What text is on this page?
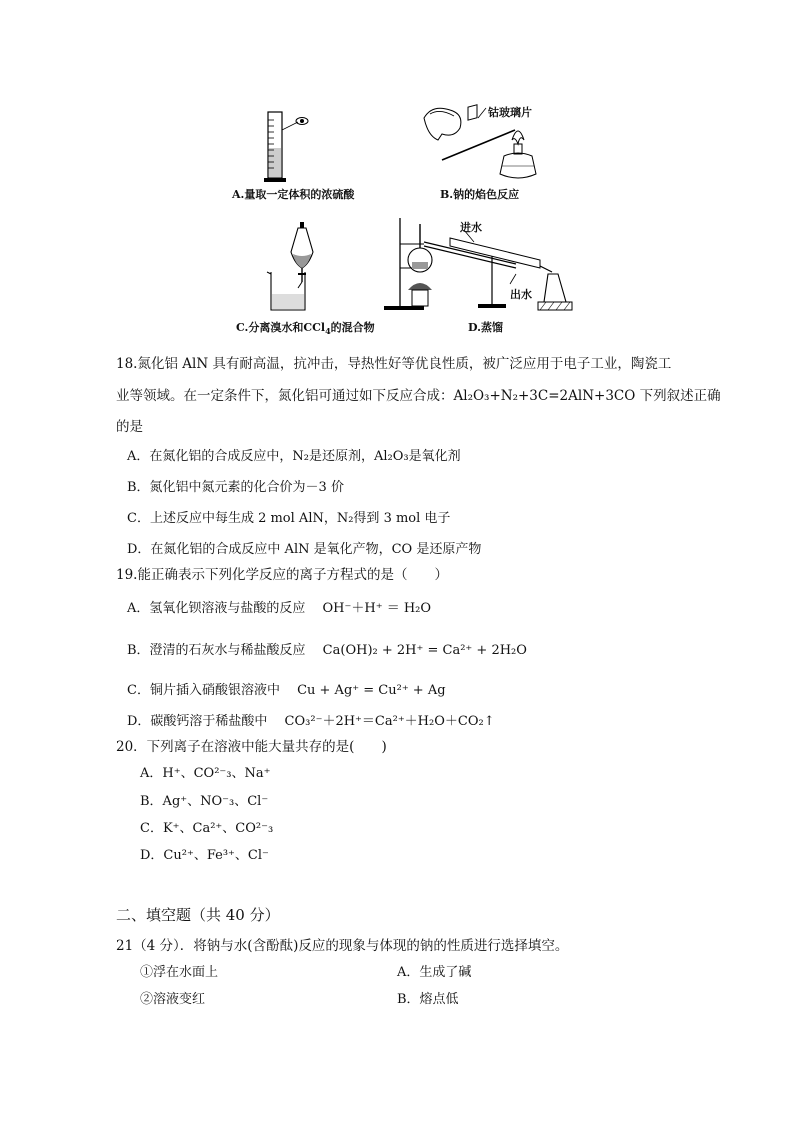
A.量取一定体积的浓硫酸
钴玻璃片
B.钠的焰色反应
C.分离溴水和CCl$_4$的混合物
进水
出水
D.蒸馏
18.氮化铝 AlN 具有耐高温，抗冲击，导热性好等优良性质，被广泛应用于电子工业，陶瓷工
业等领域。在一定条件下，氮化铝可通过如下反应合成：Al₂O₃+N₂+3C=2AlN+3CO 下列叙述正确
的是
A．在氮化铝的合成反应中，N₂是还原剂，Al₂O₃是氧化剂
B．氮化铝中氮元素的化合价为－3 价
C．上述反应中每生成 2 mol AlN，N₂得到 3 mol 电子
D．在氮化铝的合成反应中 AlN 是氧化产物，CO 是还原产物
19.能正确表示下列化学反应的离子方程式的是（　　）
A．氢氧化钡溶液与盐酸的反应　 OH⁻＋H⁺ ＝ H₂O
B．澄清的石灰水与稀盐酸反应　 Ca(OH)₂ + 2H⁺ = Ca²⁺ + 2H₂O
C．铜片插入硝酸银溶液中　 Cu + Ag⁺ = Cu²⁺ + Ag
D．碳酸钙溶于稀盐酸中　 CO₃²⁻＋2H⁺＝Ca²⁺＋H₂O＋CO₂↑
20．下列离子在溶液中能大量共存的是(　　)
A．H⁺、CO²⁻₃、Na⁺
B．Ag⁺、NO⁻₃、Cl⁻
C．K⁺、Ca²⁺、CO²⁻₃
D．Cu²⁺、Fe³⁺、Cl⁻
二、填空题（共 40 分）
21（4 分）．将钠与水(含酚酞)反应的现象与体现的钠的性质进行选择填空。
①浮在水面上	A．生成了碱
②溶液变红	B．熔点低
